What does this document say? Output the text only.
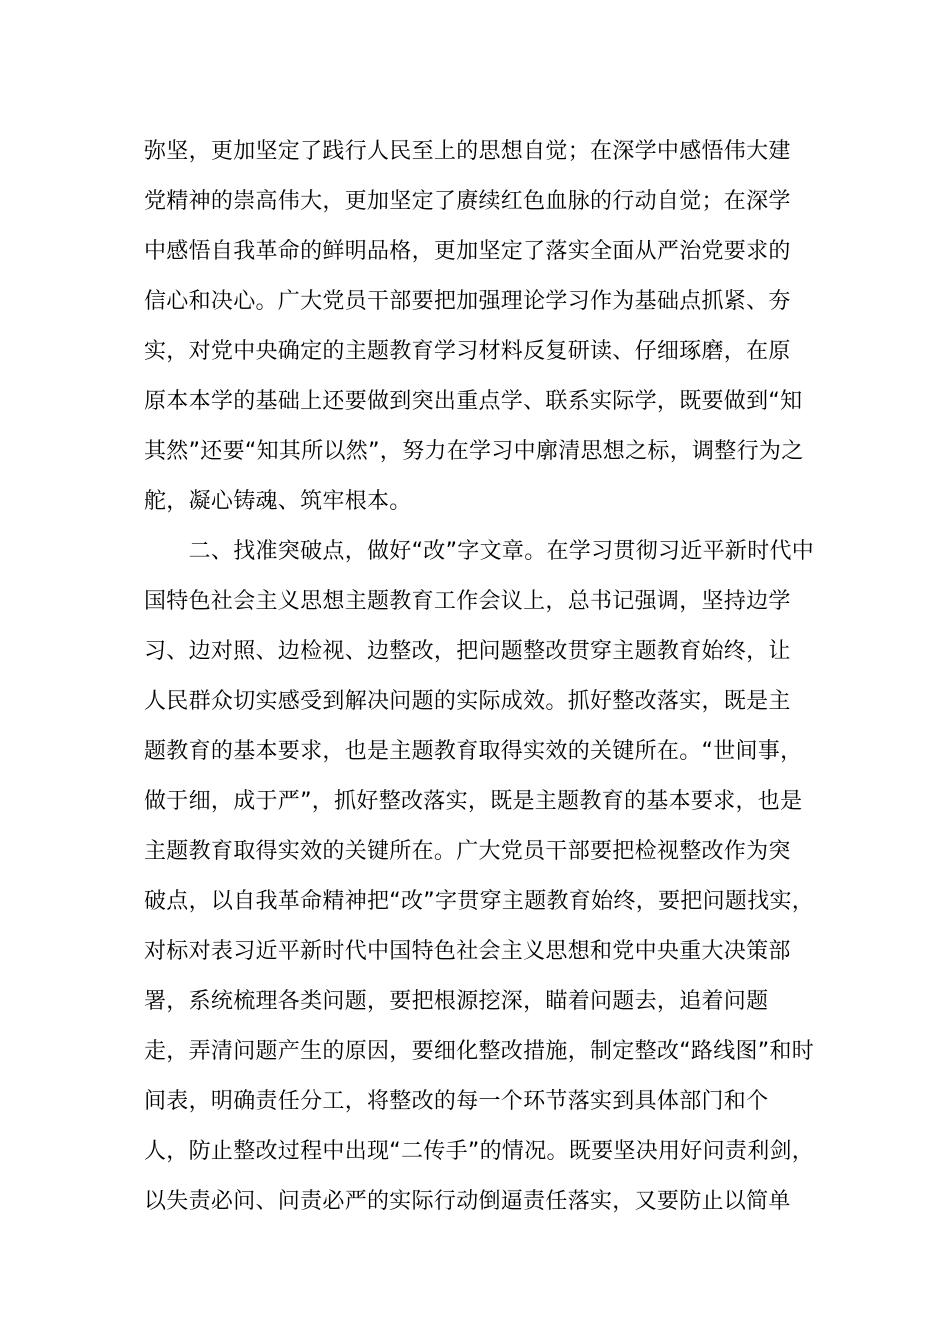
弥坚，更加坚定了践行人民至上的思想自觉；在深学中感悟伟大建
党精神的崇高伟大，更加坚定了赓续红色血脉的行动自觉；在深学
中感悟自我革命的鲜明品格，更加坚定了落实全面从严治党要求的
信心和决心。广大党员干部要把加强理论学习作为基础点抓紧、夯
实，对党中央确定的主题教育学习材料反复研读、仔细琢磨，在原
原本本学的基础上还要做到突出重点学、联系实际学，既要做到“知
其然”还要“知其所以然”，努力在学习中廓清思想之标，调整行为之
舵，凝心铸魂、筑牢根本。
　　二、找准突破点，做好“改”字文章。在学习贯彻习近平新时代中
国特色社会主义思想主题教育工作会议上，总书记强调，坚持边学
习、边对照、边检视、边整改，把问题整改贯穿主题教育始终，让
人民群众切实感受到解决问题的实际成效。抓好整改落实，既是主
题教育的基本要求，也是主题教育取得实效的关键所在。“世间事，
做于细，成于严”，抓好整改落实，既是主题教育的基本要求，也是
主题教育取得实效的关键所在。广大党员干部要把检视整改作为突
破点，以自我革命精神把“改”字贯穿主题教育始终，要把问题找实，
对标对表习近平新时代中国特色社会主义思想和党中央重大决策部
署，系统梳理各类问题，要把根源挖深，瞄着问题去，追着问题
走，弄清问题产生的原因，要细化整改措施，制定整改“路线图”和时
间表，明确责任分工，将整改的每一个环节落实到具体部门和个
人，防止整改过程中出现“二传手”的情况。既要坚决用好问责利剑，
以失责必问、问责必严的实际行动倒逼责任落实，又要防止以简单
